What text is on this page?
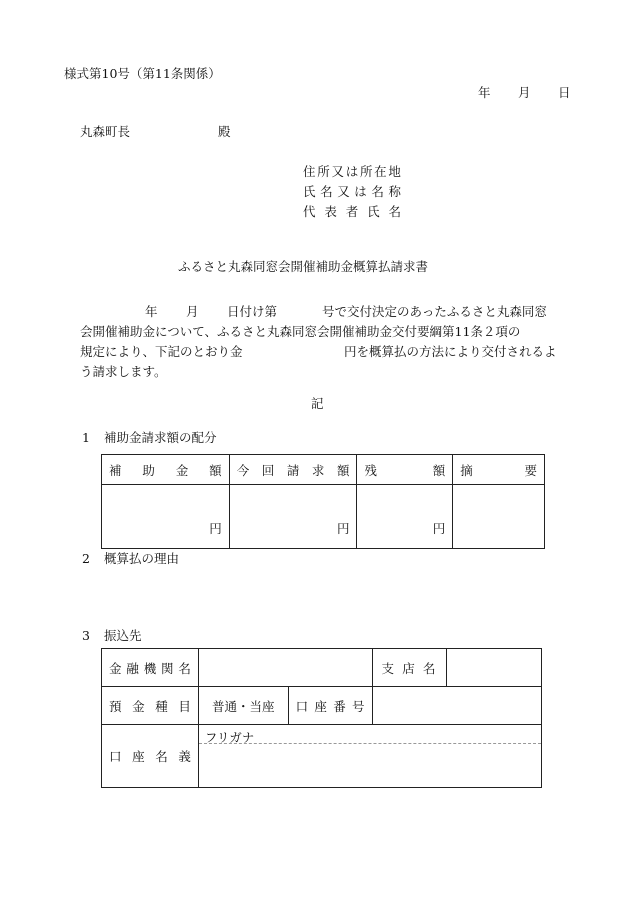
様式第10号（第11条関係）
年 月 日
丸森町長	殿
住 所 又 は 所 在 地
氏 名 又 は 名 称
代 表 者 氏 名
ふるさと丸森同窓会開催補助金概算払請求書
年 月 日付け第	号で交付決定のあったふるさと丸森同窓
会開催補助金について、ふるさと丸森同窓会開催補助金交付要綱第11条２項の
規定により、下記のとおり金	円を概算払の方法により交付されるよ
う請求します。
記
1 補助金請求額の配分
補 助 金 額	今 回 請 求 額	残 額	摘 要

円	円	円	
2 概算払の理由
3 振込先
金 融 機 関 名			支 店 名	

預 金 種 目	普通・当座	口 座 番 号		

口 座 名 義	フリガナ			
